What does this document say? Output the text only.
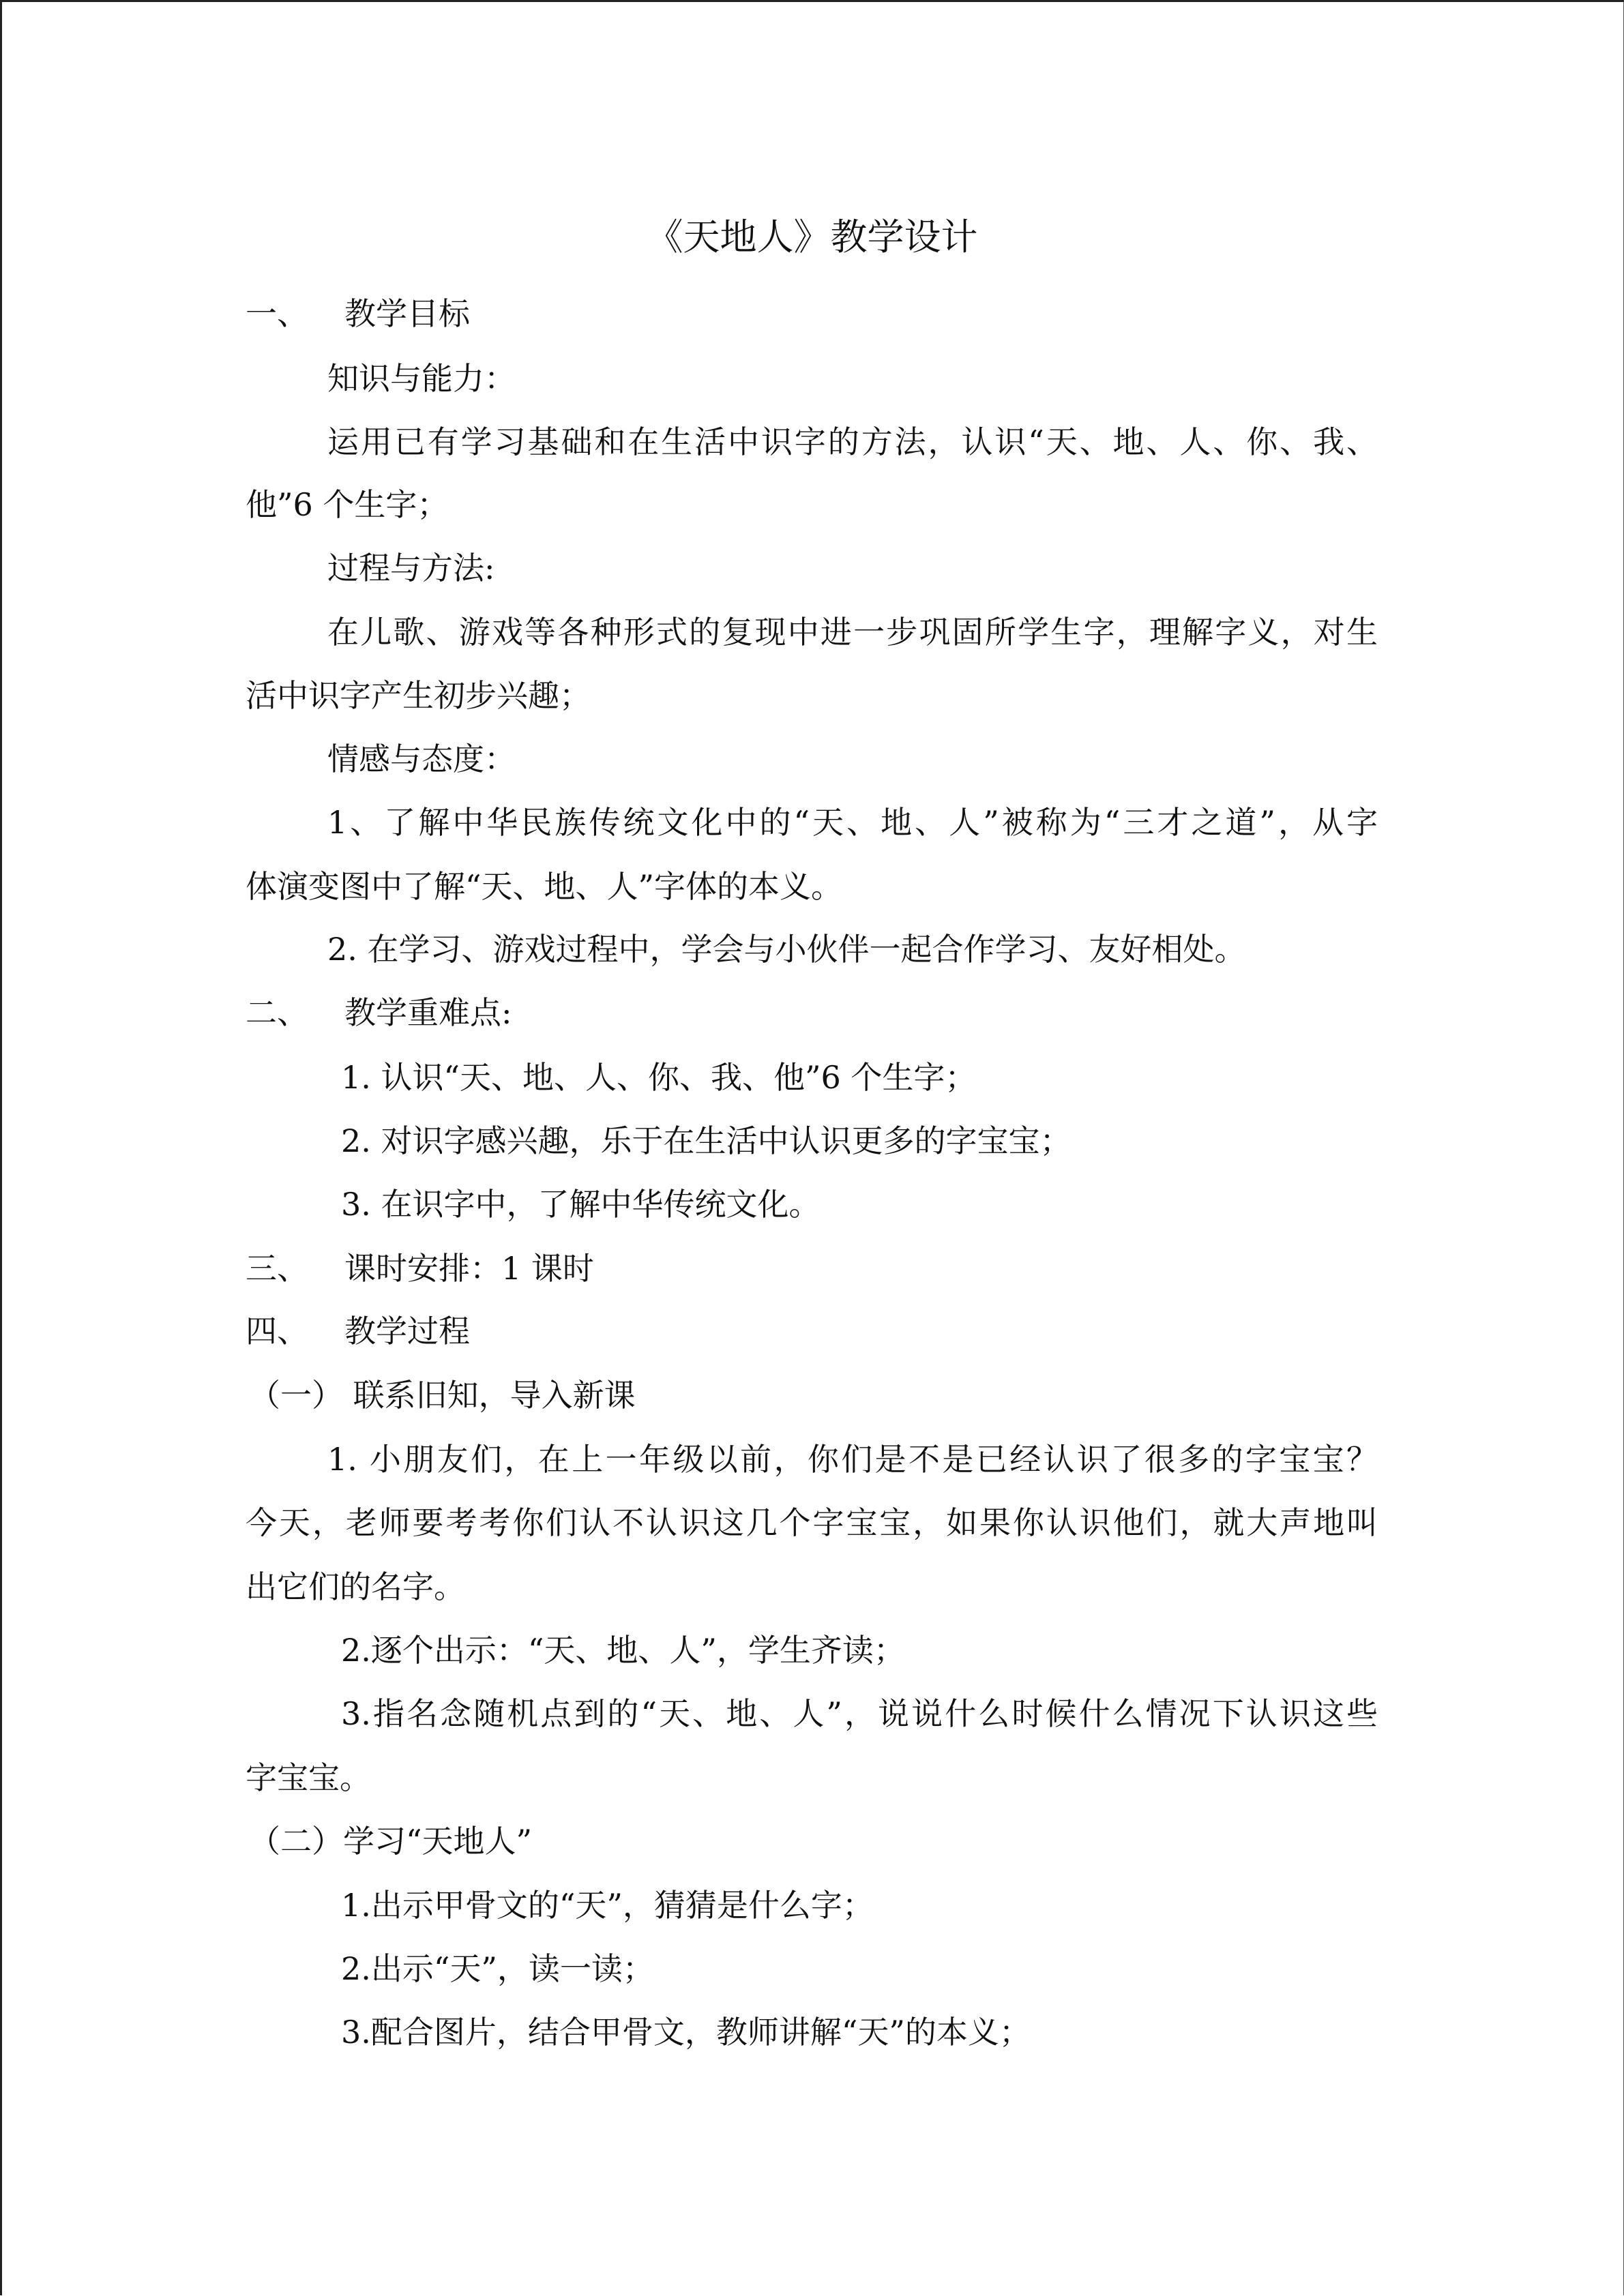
《天地人》教学设计
一、 教学目标
知识与能力：
运用已有学习基础和在生活中识字的方法，认识“天、地、人、你、我、
他”6 个生字；
过程与方法:
在儿歌、游戏等各种形式的复现中进一步巩固所学生字，理解字义，对生
活中识字产生初步兴趣；
情感与态度：
1、了解中华民族传统文化中的“天、地、人”被称为“三才之道”，从字
体演变图中了解“天、地、人”字体的本义。
2. 在学习、游戏过程中，学会与小伙伴一起合作学习、友好相处。
二、 教学重难点:
1. 认识“天、地、人、你、我、他”6 个生字；
2. 对识字感兴趣，乐于在生活中认识更多的字宝宝；
3. 在识字中，了解中华传统文化。
三、 课时安排：1 课时
四、 教学过程
（一） 联系旧知，导入新课
1. 小朋友们，在上一年级以前，你们是不是已经认识了很多的字宝宝？
今天，老师要考考你们认不认识这几个字宝宝，如果你认识他们，就大声地叫
出它们的名字。
2.逐个出示：“天、地、人”，学生齐读；
3.指名念随机点到的“天、地、人”，说说什么时候什么情况下认识这些
字宝宝。
（二）学习“天地人”
1.出示甲骨文的“天”，猜猜是什么字；
2.出示“天”，读一读；
3.配合图片，结合甲骨文，教师讲解“天”的本义；
